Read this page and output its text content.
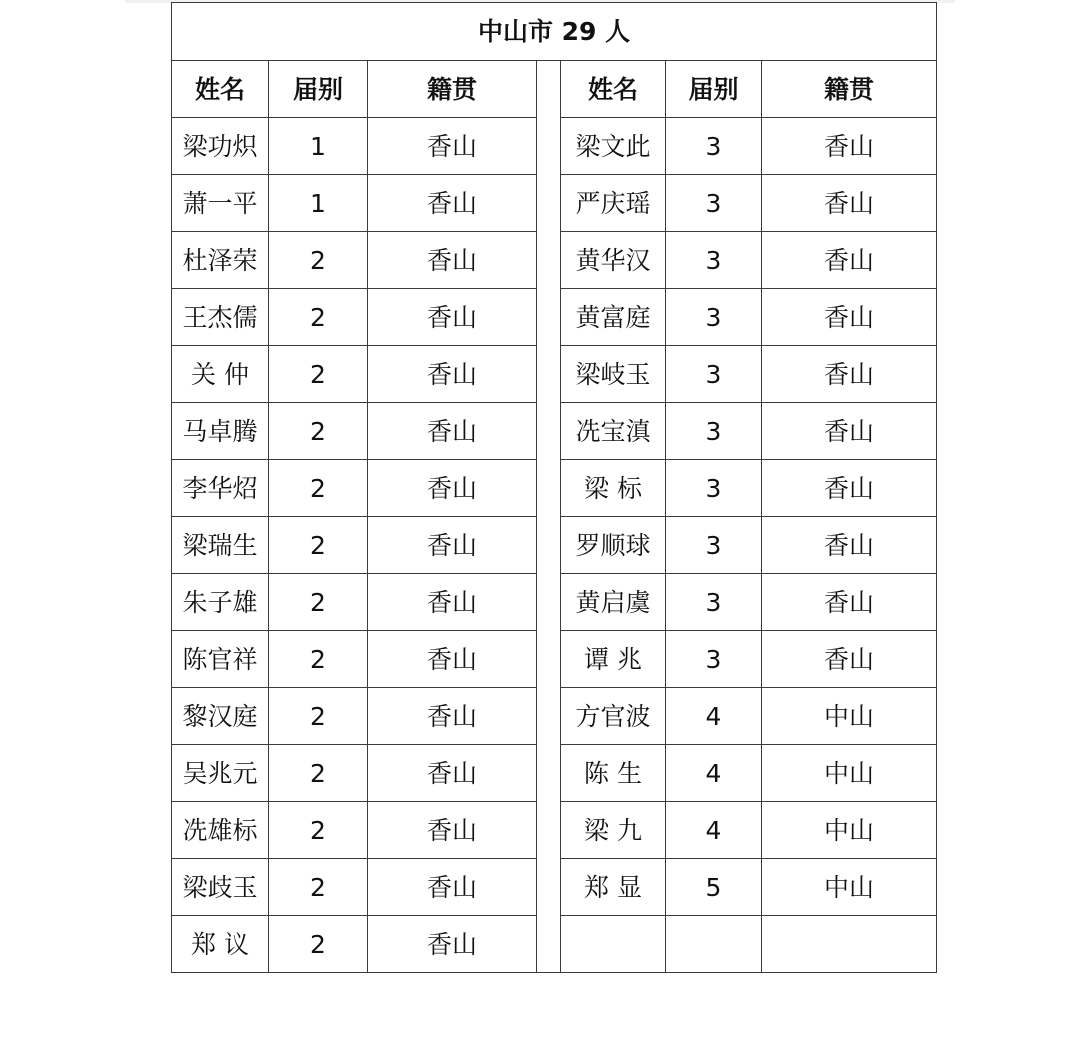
中山市 29 人						
姓名	届别	籍贯		姓名	届别	籍贯
梁功炽	1	香山		梁文此	3	香山
萧一平	1	香山		严庆瑶	3	香山
杜泽荣	2	香山		黄华汉	3	香山
王杰儒	2	香山		黄富庭	3	香山
关 仲	2	香山		梁岐玉	3	香山
马卓腾	2	香山		冼宝滇	3	香山
李华炤	2	香山		梁 标	3	香山
梁瑞生	2	香山		罗顺球	3	香山
朱子雄	2	香山		黄启虞	3	香山
陈官祥	2	香山		谭 兆	3	香山
黎汉庭	2	香山		方官波	4	中山
吴兆元	2	香山		陈 生	4	中山
冼雄标	2	香山		梁 九	4	中山
梁歧玉	2	香山		郑 显	5	中山
郑 议	2	香山				
